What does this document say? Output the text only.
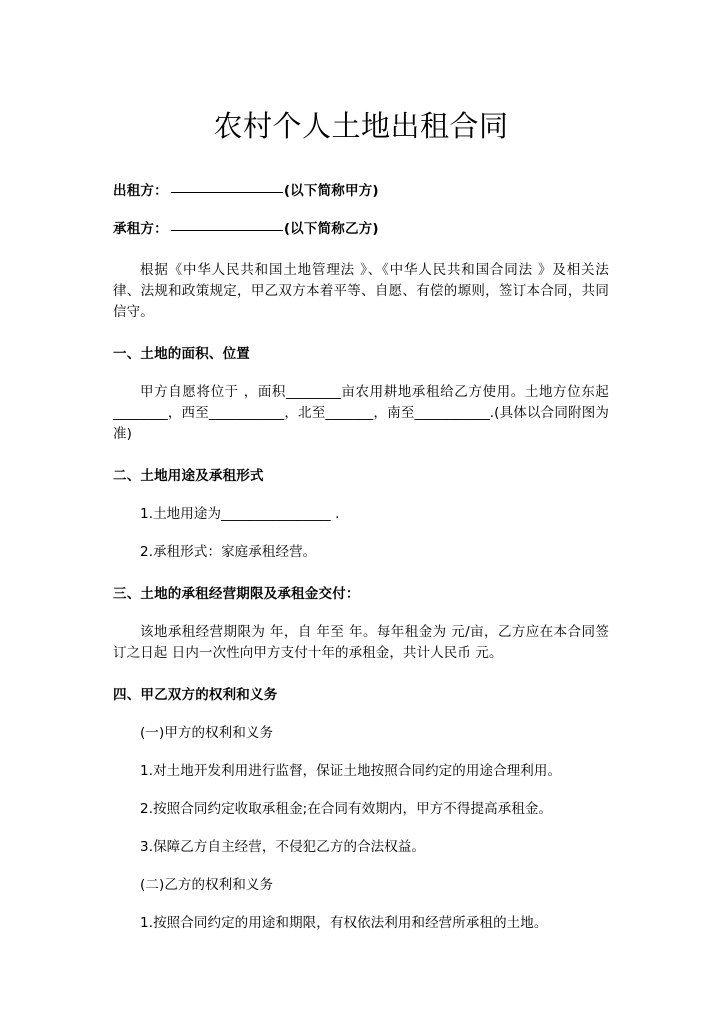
农村个人土地出租合同

出租方：	(以下简称甲方)

承租方：	(以下简称乙方)

根据《中华人民共和国土地管理法 》、《中华人民共和国合同法 》及相关法律、法规和政策规定，甲乙双方本着平等、自愿、有偿的塬则，签订本合同，共同信守。

一、土地的面积、位置

甲方自愿将位于 ，面积________亩农用耕地承租给乙方使用。土地方位东起________，西至___________，北至_______，南至___________.(具体以合同附图为准)

二、土地用途及承租形式

1.土地用途为________________ .

2.承租形式：家庭承租经营。

三、土地的承租经营期限及承租金交付：

该地承租经营期限为 年，自 年至 年。每年租金为 元/亩，乙方应在本合同签订之日起 日内一次性向甲方支付十年的承租金，共计人民币 元。

四、甲乙双方的权利和义务

(一)甲方的权利和义务

1.对土地开发利用进行监督，保证土地按照合同约定的用途合理利用。

2.按照合同约定收取承租金;在合同有效期内，甲方不得提高承租金。

3.保障乙方自主经营，不侵犯乙方的合法权益。

(二)乙方的权利和义务

1.按照合同约定的用途和期限，有权依法利用和经营所承租的土地。
